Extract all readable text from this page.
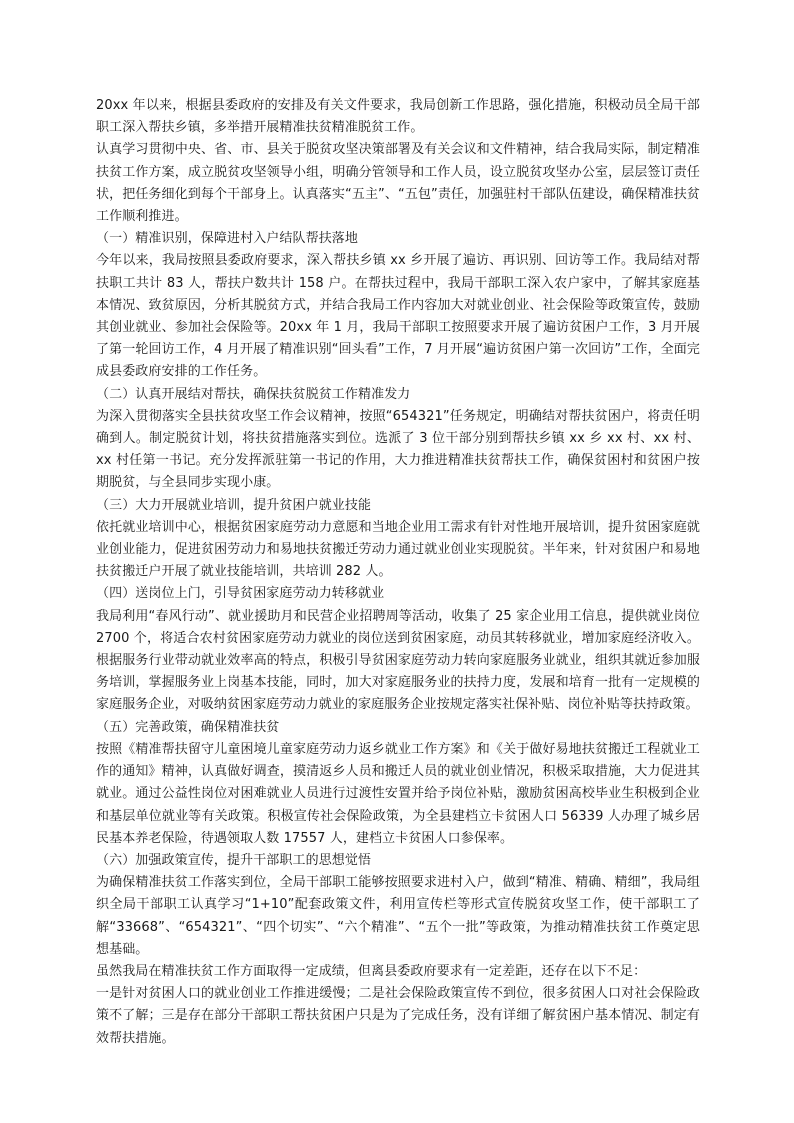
20xx 年以来，根据县委政府的安排及有关文件要求，我局创新工作思路，强化措施，积极动员全局干部职工深入帮扶乡镇，多举措开展精准扶贫精准脱贫工作。

认真学习贯彻中央、省、市、县关于脱贫攻坚决策部署及有关会议和文件精神，结合我局实际，制定精准扶贫工作方案，成立脱贫攻坚领导小组，明确分管领导和工作人员，设立脱贫攻坚办公室，层层签订责任状，把任务细化到每个干部身上。认真落实“五主”、“五包”责任，加强驻村干部队伍建设，确保精准扶贫工作顺利推进。

（一）精准识别，保障进村入户结队帮扶落地

今年以来，我局按照县委政府要求，深入帮扶乡镇 xx 乡开展了遍访、再识别、回访等工作。我局结对帮扶职工共计 83 人，帮扶户数共计 158 户。在帮扶过程中，我局干部职工深入农户家中，了解其家庭基本情况、致贫原因，分析其脱贫方式，并结合我局工作内容加大对就业创业、社会保险等政策宣传，鼓励其创业就业、参加社会保险等。20xx 年 1 月，我局干部职工按照要求开展了遍访贫困户工作，3 月开展了第一轮回访工作，4 月开展了精准识别“回头看”工作，7 月开展“遍访贫困户第一次回访”工作，全面完成县委政府安排的工作任务。

（二）认真开展结对帮扶，确保扶贫脱贫工作精准发力

为深入贯彻落实全县扶贫攻坚工作会议精神，按照“654321”任务规定，明确结对帮扶贫困户，将责任明确到人。制定脱贫计划，将扶贫措施落实到位。选派了 3 位干部分别到帮扶乡镇 xx 乡 xx 村、xx 村、xx 村任第一书记。充分发挥派驻第一书记的作用，大力推进精准扶贫帮扶工作，确保贫困村和贫困户按期脱贫，与全县同步实现小康。

（三）大力开展就业培训，提升贫困户就业技能

依托就业培训中心，根据贫困家庭劳动力意愿和当地企业用工需求有针对性地开展培训，提升贫困家庭就业创业能力，促进贫困劳动力和易地扶贫搬迁劳动力通过就业创业实现脱贫。半年来，针对贫困户和易地扶贫搬迁户开展了就业技能培训，共培训 282 人。

（四）送岗位上门，引导贫困家庭劳动力转移就业

我局利用“春风行动”、就业援助月和民营企业招聘周等活动，收集了 25 家企业用工信息，提供就业岗位 2700 个，将适合农村贫困家庭劳动力就业的岗位送到贫困家庭，动员其转移就业，增加家庭经济收入。根据服务行业带动就业效率高的特点，积极引导贫困家庭劳动力转向家庭服务业就业，组织其就近参加服务培训，掌握服务业上岗基本技能，同时，加大对家庭服务业的扶持力度，发展和培育一批有一定规模的家庭服务企业，对吸纳贫困家庭劳动力就业的家庭服务企业按规定落实社保补贴、岗位补贴等扶持政策。

（五）完善政策，确保精准扶贫

按照《精准帮扶留守儿童困境儿童家庭劳动力返乡就业工作方案》和《关于做好易地扶贫搬迁工程就业工作的通知》精神，认真做好调查，摸清返乡人员和搬迁人员的就业创业情况，积极采取措施，大力促进其就业。通过公益性岗位对困难就业人员进行过渡性安置并给予岗位补贴，激励贫困高校毕业生积极到企业和基层单位就业等有关政策。积极宣传社会保险政策，为全县建档立卡贫困人口 56339 人办理了城乡居民基本养老保险，待遇领取人数 17557 人，建档立卡贫困人口参保率。

（六）加强政策宣传，提升干部职工的思想觉悟

为确保精准扶贫工作落实到位，全局干部职工能够按照要求进村入户，做到“精准、精确、精细”，我局组织全局干部职工认真学习“1+10”配套政策文件，利用宣传栏等形式宣传脱贫攻坚工作，使干部职工了解“33668”、“654321”、“四个切实”、“六个精准”、“五个一批”等政策，为推动精准扶贫工作奠定思想基础。

虽然我局在精准扶贫工作方面取得一定成绩，但离县委政府要求有一定差距，还存在以下不足：

一是针对贫困人口的就业创业工作推进缓慢；二是社会保险政策宣传不到位，很多贫困人口对社会保险政策不了解；三是存在部分干部职工帮扶贫困户只是为了完成任务，没有详细了解贫困户基本情况、制定有效帮扶措施。
